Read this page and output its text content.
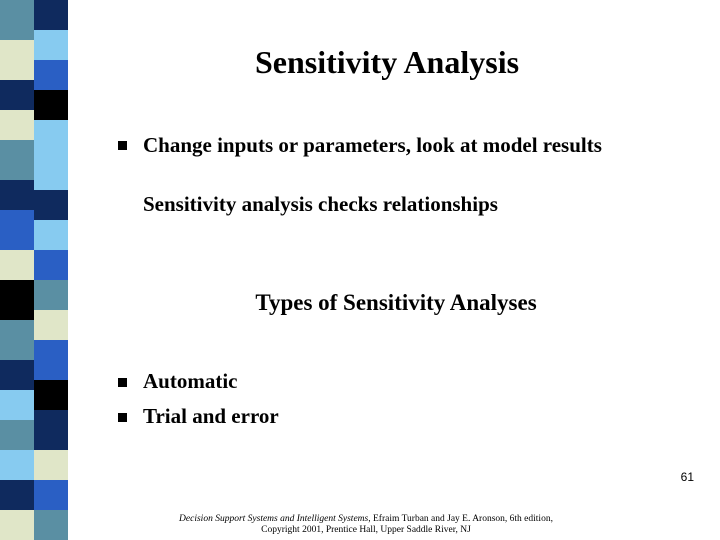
Sensitivity Analysis
Change inputs or parameters, look at model results
Sensitivity analysis checks relationships
Types of Sensitivity Analyses
Automatic
Trial and error
61
Decision Support Systems and Intelligent Systems, Efraim Turban and Jay E. Aronson, 6th edition,
Copyright 2001, Prentice Hall, Upper Saddle River, NJ
